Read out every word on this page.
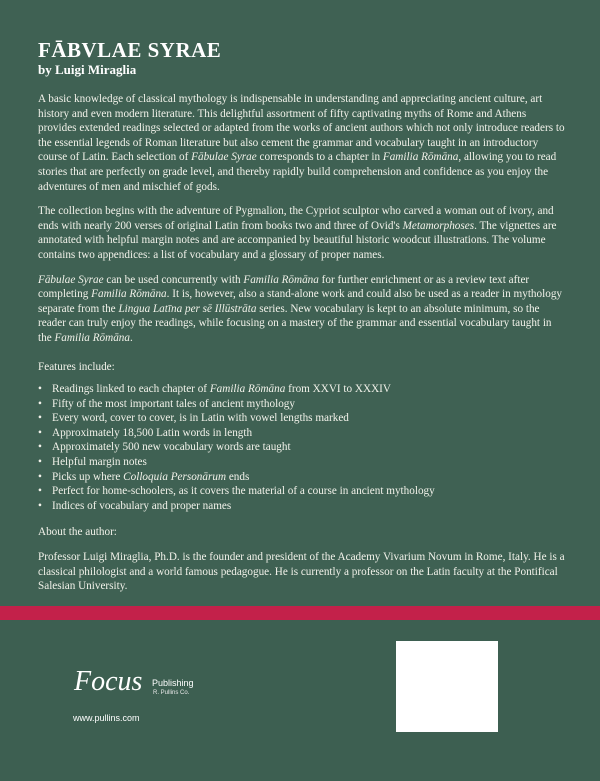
FĀBVLAE SYRAE
by Luigi Miraglia

A basic knowledge of classical mythology is indispensable in understanding and appreciating ancient culture, art history and even modern literature. This delightful assortment of fifty captivating myths of Rome and Athens provides extended readings selected or adapted from the works of ancient authors which not only introduce readers to the essential legends of Roman literature but also cement the grammar and vocabulary taught in an introductory course of Latin. Each selection of Fābulae Syrae corresponds to a chapter in Familia Rōmāna, allowing you to read stories that are perfectly on grade level, and thereby rapidly build comprehension and confidence as you enjoy the adventures of men and mischief of gods.

The collection begins with the adventure of Pygmalion, the Cypriot sculptor who carved a woman out of ivory, and ends with nearly 200 verses of original Latin from books two and three of Ovid's Metamorphoses. The vignettes are annotated with helpful margin notes and are accompanied by beautiful historic woodcut illustrations. The volume contains two appendices: a list of vocabulary and a glossary of proper names.

Fābulae Syrae can be used concurrently with Familia Rōmāna for further enrichment or as a review text after completing Familia Rōmāna. It is, however, also a stand-alone work and could also be used as a reader in mythology separate from the Lingua Latīna per sē Illūstrāta series. New vocabulary is kept to an absolute minimum, so the reader can truly enjoy the readings, while focusing on a mastery of the grammar and essential vocabulary taught in the Familia Rōmāna.

Features include:

• Readings linked to each chapter of Familia Rōmāna from XXVI to XXXIV
• Fifty of the most important tales of ancient mythology
• Every word, cover to cover, is in Latin with vowel lengths marked
• Approximately 18,500 Latin words in length
• Approximately 500 new vocabulary words are taught
• Helpful margin notes
• Picks up where Colloquia Personārum ends
• Perfect for home-schoolers, as it covers the material of a course in ancient mythology
• Indices of vocabulary and proper names

About the author:

Professor Luigi Miraglia, Ph.D. is the founder and president of the Academy Vivarium Novum in Rome, Italy. He is a classical philologist and a world famous pedagogue. He is currently a professor on the Latin faculty at the Pontifical Salesian University.

Focus Publishing
R. Pullins Co.
www.pullins.com
